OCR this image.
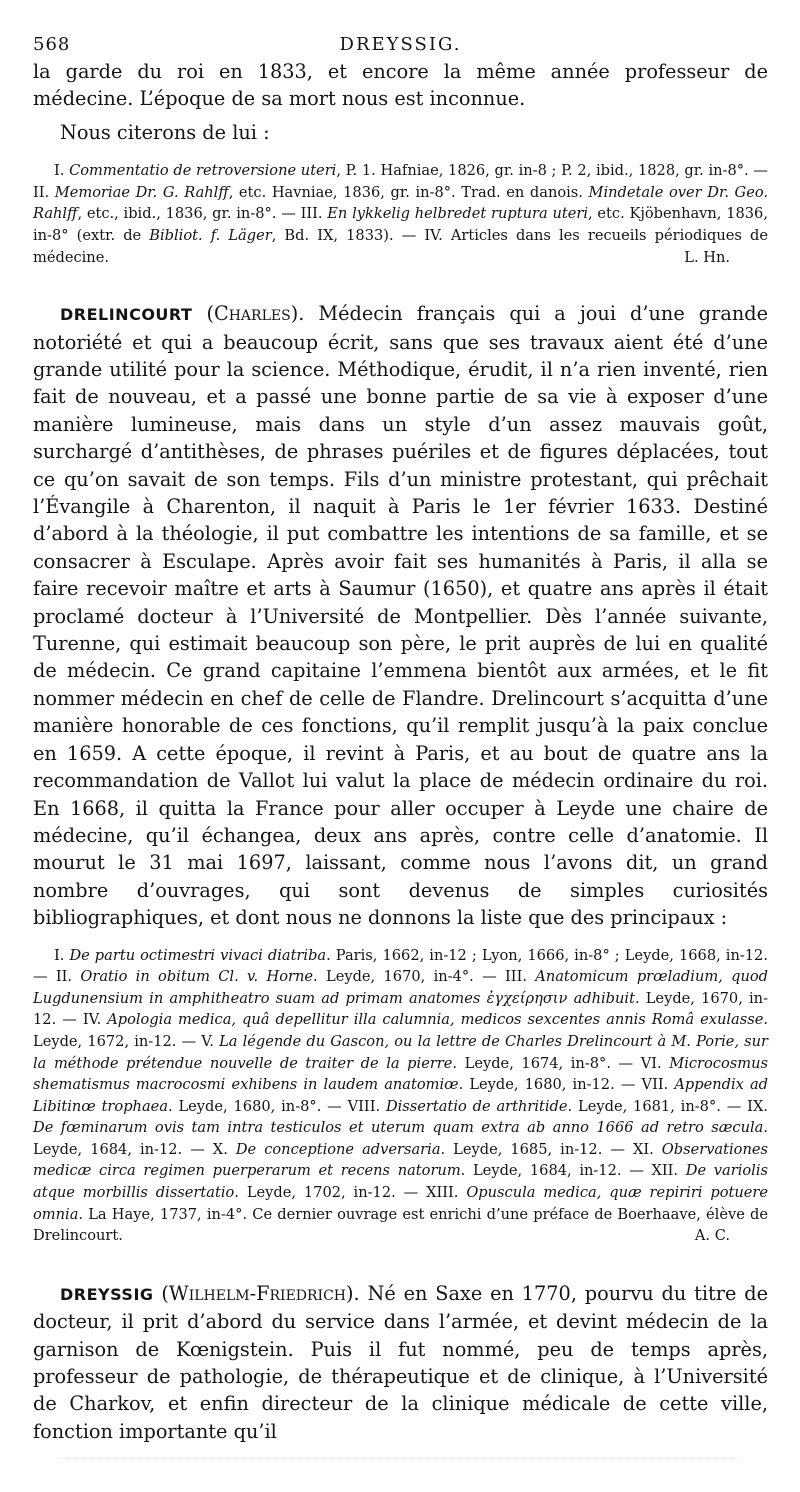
568	DREYSSIG.

la garde du roi en 1833, et encore la même année professeur de médecine. L’époque de sa mort nous est inconnue.

Nous citerons de lui :

I. Commentatio de retroversione uteri, P. 1. Hafniae, 1826, gr. in-8 ; P. 2, ibid., 1828, gr. in-8°. — II. Memoriae Dr. G. Rahlff, etc. Havniae, 1836, gr. in-8°. Trad. en danois. Mindetale over Dr. Geo. Rahlff, etc., ibid., 1836, gr. in-8°. — III. En lykkelig helbredet ruptura uteri, etc. Kjöbenhavn, 1836, in-8° (extr. de Bibliot. f. Läger, Bd. IX, 1833). — IV. Articles dans les recueils périodiques de médecine.	L. Hn.

DRELINCOURT (Charles). Médecin français qui a joui d’une grande notoriété et qui a beaucoup écrit, sans que ses travaux aient été d’une grande utilité pour la science. Méthodique, érudit, il n’a rien inventé, rien fait de nouveau, et a passé une bonne partie de sa vie à exposer d’une manière lumineuse, mais dans un style d’un assez mauvais goût, surchargé d’antithèses, de phrases puériles et de figures déplacées, tout ce qu’on savait de son temps. Fils d’un ministre protestant, qui prêchait l’Évangile à Charenton, il naquit à Paris le 1er février 1633. Destiné d’abord à la théologie, il put combattre les intentions de sa famille, et se consacrer à Esculape. Après avoir fait ses humanités à Paris, il alla se faire recevoir maître et arts à Saumur (1650), et quatre ans après il était proclamé docteur à l’Université de Montpellier. Dès l’année suivante, Turenne, qui estimait beaucoup son père, le prit auprès de lui en qualité de médecin. Ce grand capitaine l’emmena bientôt aux armées, et le fit nommer médecin en chef de celle de Flandre. Drelincourt s’acquitta d’une manière honorable de ces fonctions, qu’il remplit jusqu’à la paix conclue en 1659. A cette époque, il revint à Paris, et au bout de quatre ans la recommandation de Vallot lui valut la place de médecin ordinaire du roi. En 1668, il quitta la France pour aller occuper à Leyde une chaire de médecine, qu’il échangea, deux ans après, contre celle d’anatomie. Il mourut le 31 mai 1697, laissant, comme nous l’avons dit, un grand nombre d’ouvrages, qui sont devenus de simples curiosités bibliographiques, et dont nous ne donnons la liste que des principaux :

I. De partu octimestri vivaci diatriba. Paris, 1662, in-12 ; Lyon, 1666, in-8° ; Leyde, 1668, in-12. — II. Oratio in obitum Cl. v. Horne. Leyde, 1670, in-4°. — III. Anatomicum prœladium, quod Lugdunensium in amphitheatro suam ad primam anatomes ἐγχείρησιν adhibuit. Leyde, 1670, in-12. — IV. Apologia medica, quâ depellitur illa calumnia, medicos sexcentes annis Româ exulasse. Leyde, 1672, in-12. — V. La légende du Gascon, ou la lettre de Charles Drelincourt à M. Porie, sur la méthode prétendue nouvelle de traiter de la pierre. Leyde, 1674, in-8°. — VI. Microcosmus shematismus macrocosmi exhibens in laudem anatomiœ. Leyde, 1680, in-12. — VII. Appendix ad Libitinœ trophaea. Leyde, 1680, in-8°. — VIII. Dissertatio de arthritide. Leyde, 1681, in-8°. — IX. De fœminarum ovis tam intra testiculos et uterum quam extra ab anno 1666 ad retro sæcula. Leyde, 1684, in-12. — X. De conceptione adversaria. Leyde, 1685, in-12. — XI. Observationes medicæ circa regimen puerperarum et recens natorum. Leyde, 1684, in-12. — XII. De variolis atque morbillis dissertatio. Leyde, 1702, in-12. — XIII. Opuscula medica, quæ repiriri potuere omnia. La Haye, 1737, in-4°. Ce dernier ouvrage est enrichi d’une préface de Boerhaave, élève de Drelincourt.	A. C.

DREYSSIG (Wilhelm-Friedrich). Né en Saxe en 1770, pourvu du titre de docteur, il prit d’abord du service dans l’armée, et devint médecin de la garnison de Kœnigstein. Puis il fut nommé, peu de temps après, professeur de pathologie, de thérapeutique et de clinique, à l’Université de Charkov, et enfin directeur de la clinique médicale de cette ville, fonction importante qu’il
